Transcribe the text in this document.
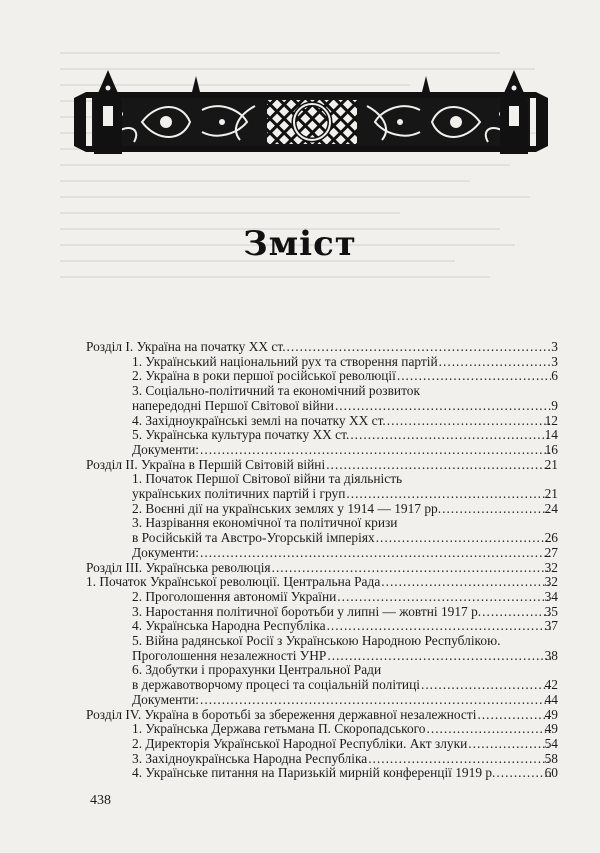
Зміст
Розділ І. Україна на початку ХХ ст. .....	3
1. Український національний рух та створення партій .....	3
2. Україна в роки першої російської революції .....	6
3. Соціально-політичний та економічний розвиток
напередодні Першої Світової війни .....	9
4. Західноукраїнські землі на початку ХХ ст. .....	12
5. Українська культура початку ХХ ст. .....	14
Документи: .....	16
Розділ ІІ. Україна в Першій Світовій війні .....	21
1. Початок Першої Світової війни та діяльність
українських політичних партій і груп .....	21
2. Воєнні дії на українських землях у 1914 — 1917 рр. .....	24
3. Назрівання економічної та політичної кризи
в Російській та Австро-Угорській імперіях .....	26
Документи: .....	27
Розділ ІІІ. Українська революція .....	32
1. Початок Української революції. Центральна Рада .....	32
2. Проголошення автономії України .....	34
3. Наростання політичної боротьби у липні — жовтні 1917 р. .....	35
4. Українська Народна Республіка .....	37
5. Війна радянської Росії з Українською Народною Республікою.
Проголошення незалежності УНР .....	38
6. Здобутки і прорахунки Центральної Ради
в державотворчому процесі та соціальній політиці .....	42
Документи: .....	44
Розділ IV. Україна в боротьбі за збереження державної незалежності .....	49
1. Українська Держава гетьмана П. Скоропадського .....	49
2. Директорія Української Народної Республіки. Акт злуки .....	54
3. Західноукраїнська Народна Республіка .....	58
4. Українське питання на Паризькій мирній конференції 1919 р. .....	60
438
